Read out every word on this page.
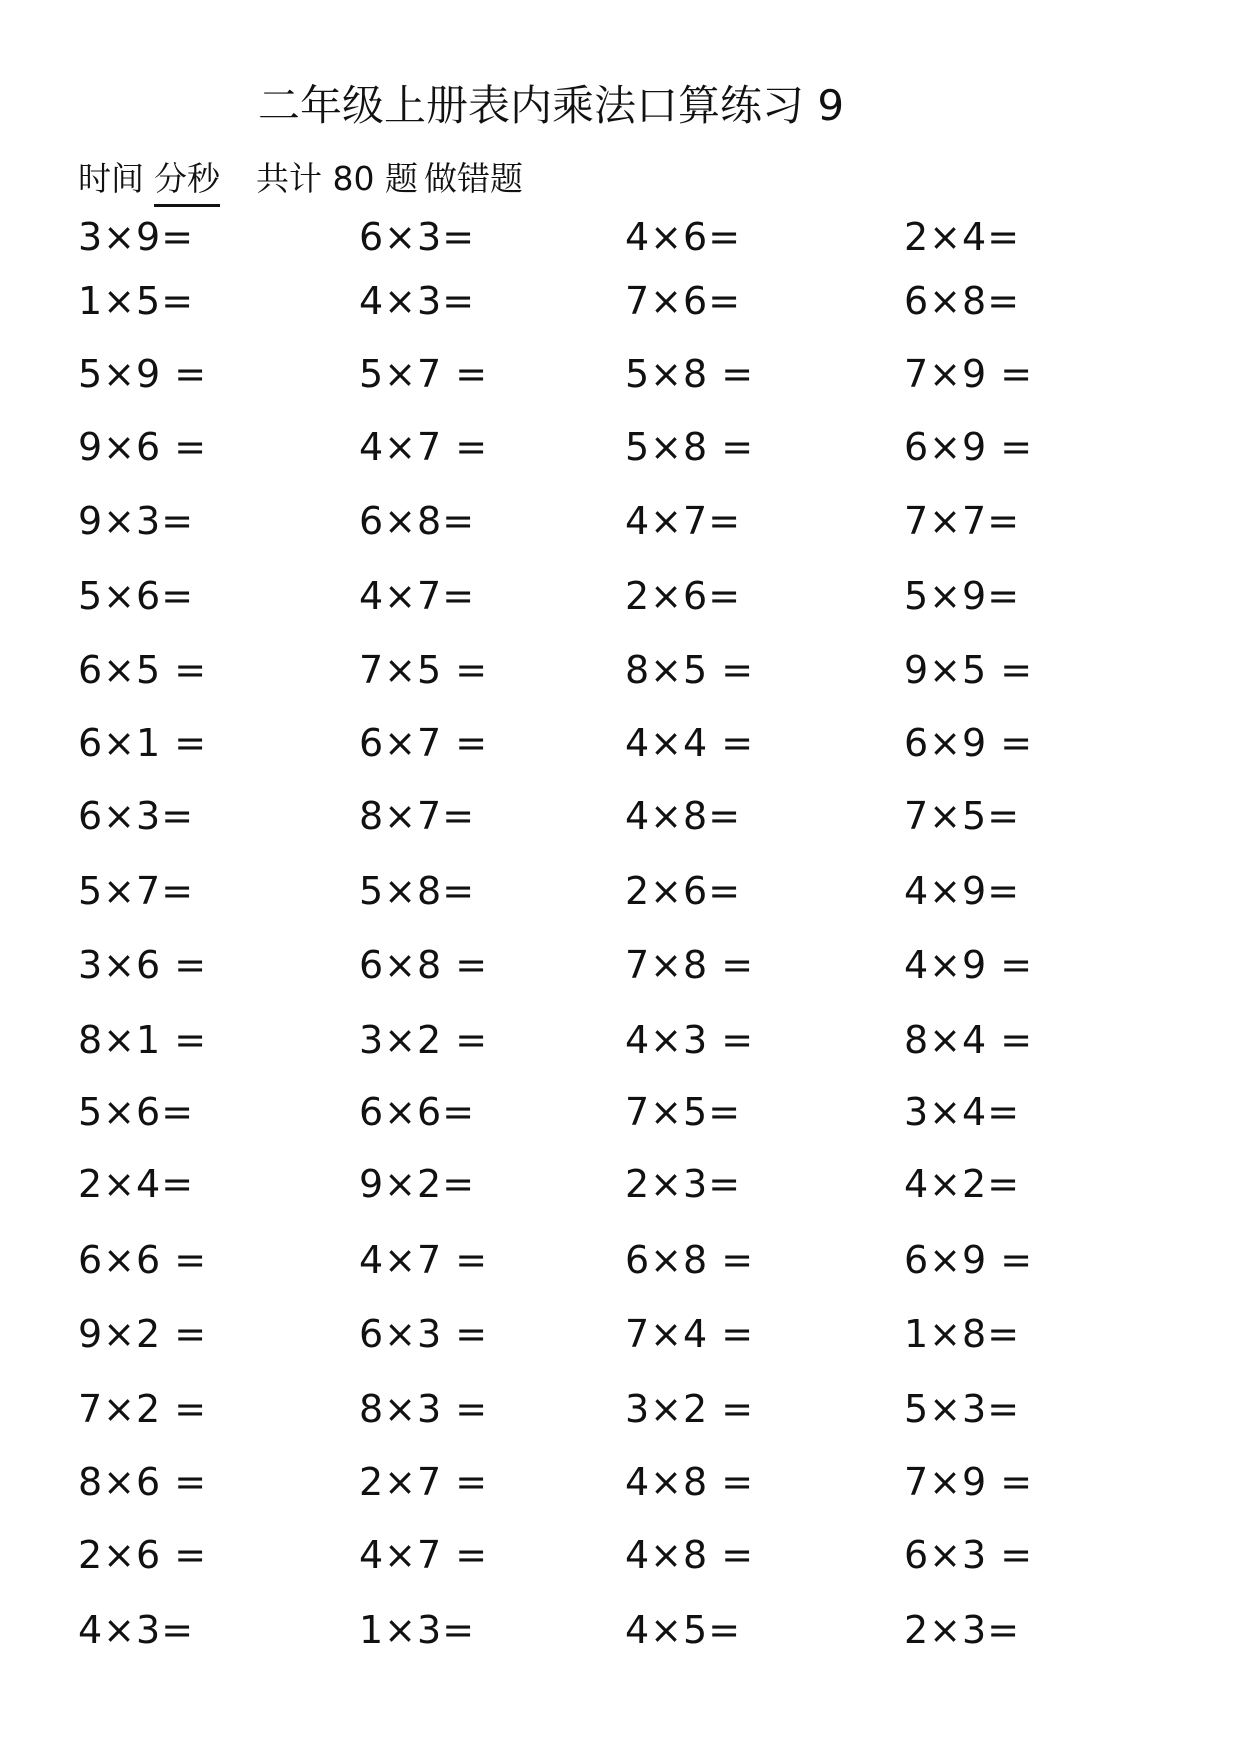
二年级上册表内乘法口算练习 9
时间 分秒 共计 80 题 做错题
3×9=	6×3=	4×6=	2×4=
1×5=	4×3=	7×6=	6×8=
5×9 =	5×7 =	5×8 =	7×9 =
9×6 =	4×7 =	5×8 =	6×9 =
9×3=	6×8=	4×7=	7×7=
5×6=	4×7=	2×6=	5×9=
6×5 =	7×5 =	8×5 =	9×5 =
6×1 =	6×7 =	4×4 =	6×9 =
6×3=	8×7=	4×8=	7×5=
5×7=	5×8=	2×6=	4×9=
3×6 =	6×8 =	7×8 =	4×9 =
8×1 =	3×2 =	4×3 =	8×4 =
5×6=	6×6=	7×5=	3×4=
2×4=	9×2=	2×3=	4×2=
6×6 =	4×7 =	6×8 =	6×9 =
9×2 =	6×3 =	7×4 =	1×8=
7×2 =	8×3 =	3×2 =	5×3=
8×6 =	2×7 =	4×8 =	7×9 =
2×6 =	4×7 =	4×8 =	6×3 =
4×3=	1×3=	4×5=	2×3=
